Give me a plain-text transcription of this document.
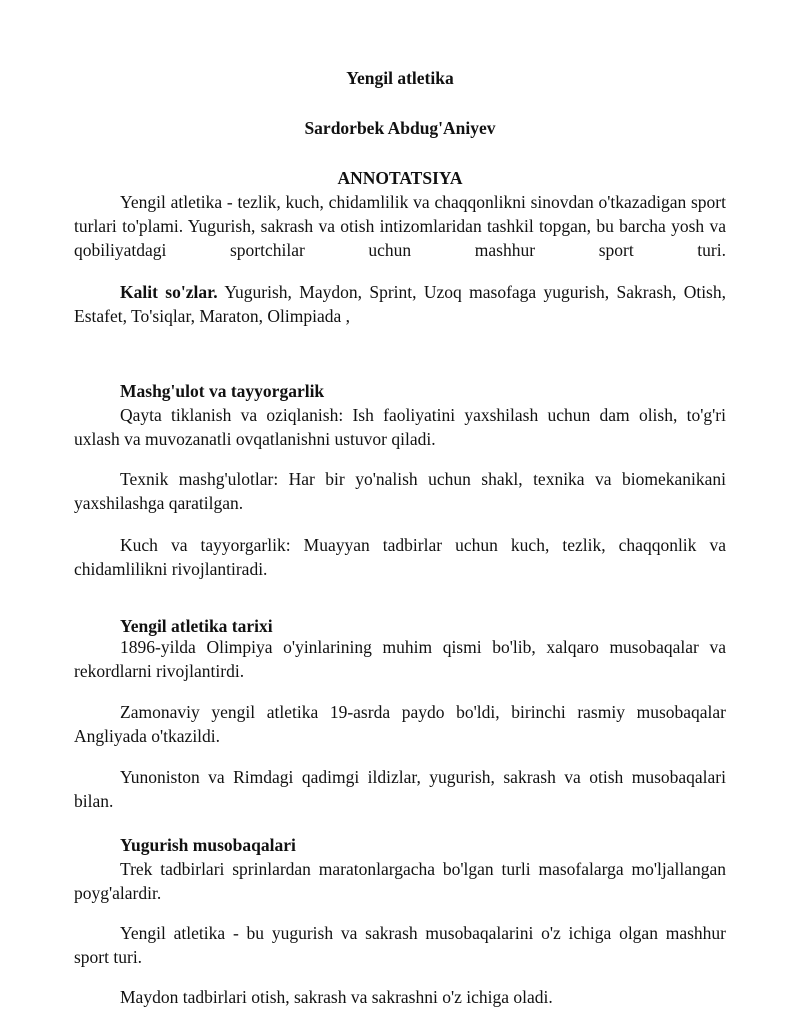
Yengil atletika

Sardorbek Abdug'Aniyev

ANNOTATSIYA

Yengil atletika - tezlik, kuch, chidamlilik va chaqqonlikni sinovdan o'tkazadigan sport turlari to'plami. Yugurish, sakrash va otish intizomlaridan tashkil topgan, bu barcha yosh va qobiliyatdagi sportchilar uchun mashhur sport turi.

Kalit so'zlar. Yugurish, Maydon, Sprint, Uzoq masofaga yugurish, Sakrash, Otish, Estafet, To'siqlar, Maraton, Olimpiada ,

Mashg'ulot va tayyorgarlik

Qayta tiklanish va oziqlanish: Ish faoliyatini yaxshilash uchun dam olish, to'g'ri uxlash va muvozanatli ovqatlanishni ustuvor qiladi.

Texnik mashg'ulotlar: Har bir yo'nalish uchun shakl, texnika va biomekanikani yaxshilashga qaratilgan.

Kuch va tayyorgarlik: Muayyan tadbirlar uchun kuch, tezlik, chaqqonlik va chidamlilikni rivojlantiradi.

Yengil atletika tarixi

1896-yilda Olimpiya o'yinlarining muhim qismi bo'lib, xalqaro musobaqalar va rekordlarni rivojlantirdi.

Zamonaviy yengil atletika 19-asrda paydo bo'ldi, birinchi rasmiy musobaqalar Angliyada o'tkazildi.

Yunoniston va Rimdagi qadimgi ildizlar, yugurish, sakrash va otish musobaqalari bilan.

Yugurish musobaqalari

Trek tadbirlari sprinlardan maratonlargacha bo'lgan turli masofalarga mo'ljallangan poyg'alardir.

Yengil atletika - bu yugurish va sakrash musobaqalarini o'z ichiga olgan mashhur sport turi.

Maydon tadbirlari otish, sakrash va sakrashni o'z ichiga oladi.
